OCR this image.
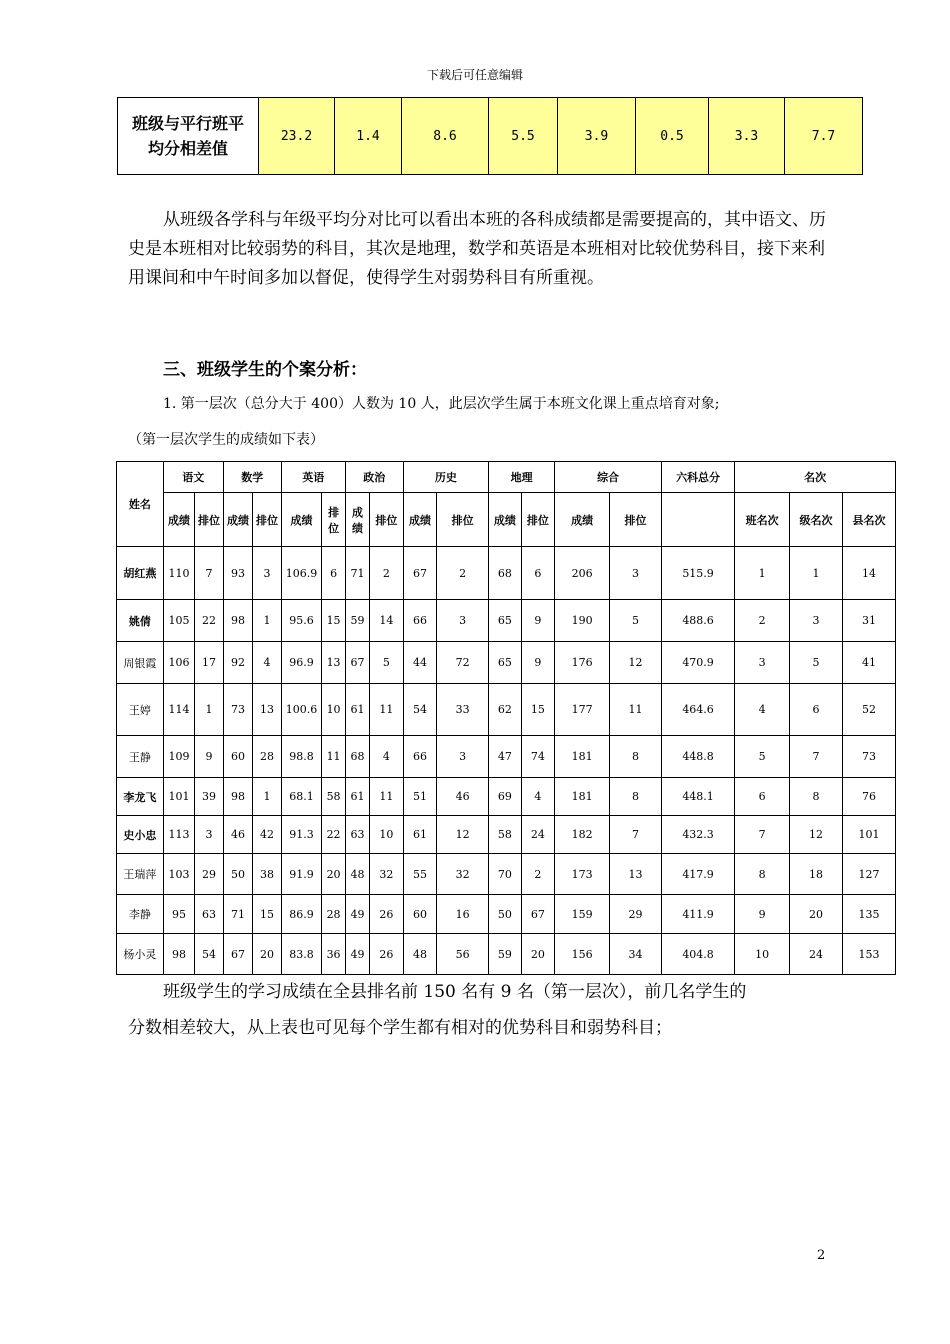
下载后可任意编辑
班级与平行班平
均分相差值	23.2	1.4	8.6	5.5	3.9	0.5	3.3	7.7
从班级各学科与年级平均分对比可以看出本班的各科成绩都是需要提高的，其中语文、历史是本班相对比较弱势的科目，其次是地理，数学和英语是本班相对比较优势科目，接下来利用课间和中午时间多加以督促，使得学生对弱势科目有所重视。
三、班级学生的个案分析：
1. 第一层次（总分大于 400）人数为 10 人，此层次学生属于本班文化课上重点培育对象;
（第一层次学生的成绩如下表）
姓名	语文		数学		英语		政治		历史		地理		综合		六科总分	名次		
	成绩	排位	成绩	排位	成绩	排
位	成
绩	排位	成绩	排位	成绩	排位	成绩	排位		班名次	级名次	县名次
胡红燕	110	7	93	3	106.9	6	71	2	67	2	68	6	206	3	515.9	1	1	14
姚倩	105	22	98	1	95.6	15	59	14	66	3	65	9	190	5	488.6	2	3	31
周银霞	106	17	92	4	96.9	13	67	5	44	72	65	9	176	12	470.9	3	5	41
王婷	114	1	73	13	100.6	10	61	11	54	33	62	15	177	11	464.6	4	6	52
王静	109	9	60	28	98.8	11	68	4	66	3	47	74	181	8	448.8	5	7	73
李龙飞	101	39	98	1	68.1	58	61	11	51	46	69	4	181	8	448.1	6	8	76
史小忠	113	3	46	42	91.3	22	63	10	61	12	58	24	182	7	432.3	7	12	101
王瑞萍	103	29	50	38	91.9	20	48	32	55	32	70	2	173	13	417.9	8	18	127
李静	95	63	71	15	86.9	28	49	26	60	16	50	67	159	29	411.9	9	20	135
杨小灵	98	54	67	20	83.8	36	49	26	48	56	59	20	156	34	404.8	10	24	153
班级学生的学习成绩在全县排名前 150 名有 9 名（第一层次），前几名学生的
分数相差较大，从上表也可见每个学生都有相对的优势科目和弱势科目；
2
